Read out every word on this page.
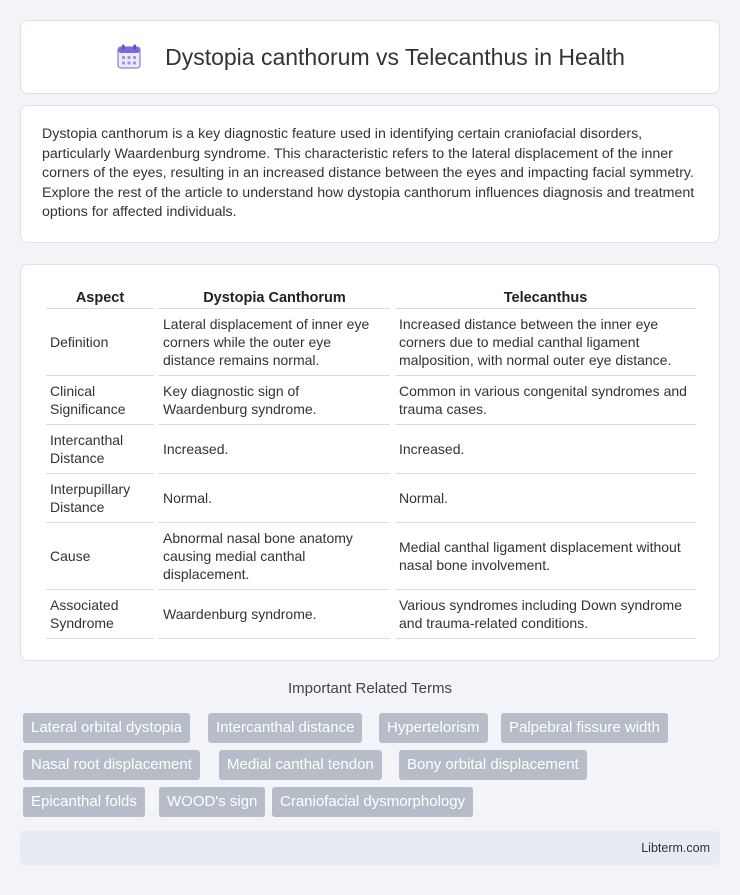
Dystopia canthorum vs Telecanthus in Health

Dystopia canthorum is a key diagnostic feature used in identifying certain craniofacial disorders, particularly Waardenburg syndrome. This characteristic refers to the lateral displacement of the inner corners of the eyes, resulting in an increased distance between the eyes and impacting facial symmetry. Explore the rest of the article to understand how dystopia canthorum influences diagnosis and treatment options for affected individuals.

Aspect	Dystopia Canthorum	Telecanthus
Definition	Lateral displacement of inner eye corners while the outer eye distance remains normal.	Increased distance between the inner eye corners due to medial canthal ligament malposition, with normal outer eye distance.
Clinical Significance	Key diagnostic sign of Waardenburg syndrome.	Common in various congenital syndromes and trauma cases.
Intercanthal Distance	Increased.	Increased.
Interpupillary Distance	Normal.	Normal.
Cause	Abnormal nasal bone anatomy causing medial canthal displacement.	Medial canthal ligament displacement without nasal bone involvement.
Associated Syndrome	Waardenburg syndrome.	Various syndromes including Down syndrome and trauma-related conditions.
Important Related Terms
Lateral orbital dystopia	Intercanthal distance	Hypertelorism	Palpebral fissure width
Nasal root displacement	Medial canthal tendon	Bony orbital displacement
Epicanthal folds	WOOD's sign	Craniofacial dysmorphology
Libterm.com
